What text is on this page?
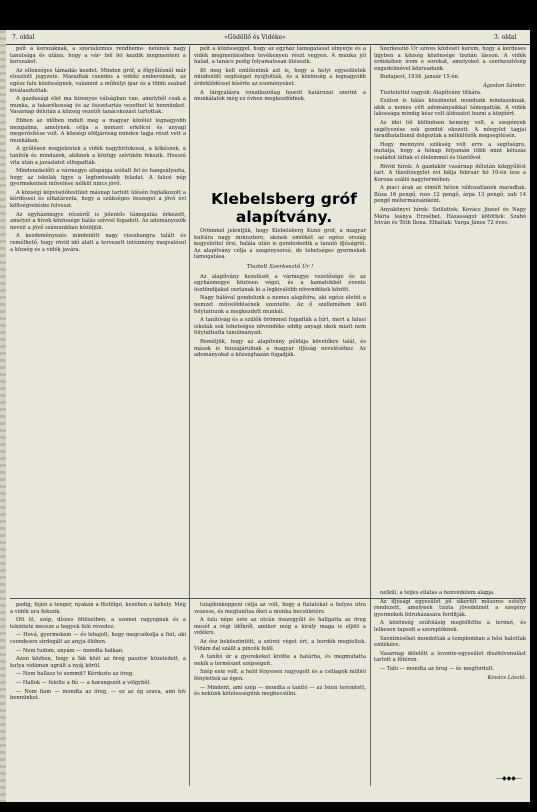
7. oldal	»Gödöllő és Vidéke«	3. oldal

pelt a korszaknak, a szocializmus rendbeme- netének nagy tanulsága és utána, hogy a vár- ból fel kezdik megmenteni a korszakot.

Az ellenséges támadás kezdet. Minden gróf, a főgyűlésnél már eloszlott jegyzete. Maradtak csendes a vidéki embereknek, az egész falu közösségnek, valamint a műhelyi ipar és a többi szabad kiválasztottak.

A gazdasági élet ma bizonyos válságban van, amelyből csak a munka, a takarékosság és az összetartás vezethet ki bennünket. Vasárnap délután a község vezetői tanácskozást tartottak.

Ebben az időben indult meg a magyar közélet legnagyobb mozgalma, amelynek célja a nemzet erkölcsi és anyagi megerősítése volt. A községi elöljáróság minden tagja részt vett a munkában.

A gyűlésen megjelentek a vidék nagybirtokosai, a lelkészek, a tanítók és mindazok, akiknek a közügy szívükön fekszik. Hosszú vita után a javaslatot elfogadták.

Mindenekelőtt a vármegye alispánja szólalt fel és hangsúlyozta, hogy az iskolák ügye a legfontosabb feladat. A falusi nép gyermekeinek művelése nélkül nincs jövő.

A községi képviselőtestület másnap tartott ülésén foglalkozott a kérdéssel és elhatározta, hogy a szükséges összeget a jövő évi költségvetésbe felveszi.

Az egyházmegye részéről is jelentős támogatás érkezett, amelyet a hívek közössége hálás szívvel fogadott. Az adományozók neveit a jövő számunkban közöljük.

A kezdeményezés mindenütt nagy visszhangra talált és remélhető, hogy rövid idő alatt a tervezett intézmény megvalósul a község és a vidék javára.

pelt a közösséggel, hogy az egyház támogatását elnyerje és a vidék megmentésében tevékenyen részt vegyen. A munka jól halad, a tanács pedig folyamatosan ülésezik.

Itt meg kell említenünk azt is, hogy a helyi egyesületek mindenütt segítséget nyújtottak, és a közönség a legnagyobb érdeklődéssel kísérte az eseményeket.

A tárgyalásra vonatkozólag hozott határozat szerint a munkálatok még ez évben megkezdődnek.

Klebelsberg gróf alapítvány.

Örömmel jelentjük, hogy Klebelsberg Kunó gróf, a magyar kultúra nagy minisztere, akinek emlékét az egész ország kegyelettel őrzi, halála után is gondoskodik a tanuló ifjúságról. Az alapítvány célja a szegénysorsú, de tehetséges gyermekek támogatása.

Tisztelt Szerkesztő Úr !

Az alapítvány kezelését a vármegye vezetősége és az egyházmegye közösen végzi, és a kamatokból évente ösztöndíjakat osztanak ki a legkiválóbb növendékek között.

Nagy hálával gondolunk a nemes alapítóra, aki egész életét a nemzet művelődésének szentelte. Az ő szellemében kell folytatnunk a megkezdett munkát.

A tanítóság és a szülők örömmel fogadták a hírt, mert a falusi iskolák sok tehetséges növendéke eddig anyagi okok miatt nem folytathatta tanulmányait.

Reméljük, hogy az alapítvány példája követőkre talál, és mások is hozzájárulnak a magyar ifjúság neveléséhez. Az adományokat a községházán fogadják.

Szerkesztő Úr szíves közlését kérem, hogy a kérdéses ügyben a község közönsége tisztán lásson. A vidék érdekében írom e sorokat, amelyeket a szerkesztőség engedelmével közreadunk.

Budapest, 1934. január 15-én.

Ágoston Sándor.

Tisztelettel vagyok: Alapítvány titkára.

Ezúton is hálás köszönetet mondunk mindazoknak, akik a nemes célt adományaikkal támogatták. A vidék lakossága mindig kész volt áldozatot hozni a közjóért.

Az idei tél különösen kemény volt, a szegények segélyezése sok gondot okozott. A nőegylet tagjai fáradhatatlanul dolgoztak a nélkülözők megsegítésén.

Hogy mennyire szükség volt erre a segítségre, mutatja, hogy a hónap folyamán több mint kétszáz családot láttak el élelemmel és tüzelővel.

Rövid hírek: A gazdakör vasárnap délután közgyűlést tart. A tűzoltóegylet évi bálja február hó 10-én lesz a Korona szálló nagytermében.

A piaci árak az elmúlt héten változatlanok maradtak. Búza 16 pengő, rozs 12 pengő, árpa 13 pengő, zab 14 pengő métermázsánként.

Anyakönyvi hírek: Születtek: Kovács József és Nagy Mária leánya Erzsébet. Házasságot kötöttek: Szabó István és Tóth Ilona. Elhaltak: Varga János 72 éves.

pedig, fején a tenger, nyakán a füstölgő, kezében a kehely. Még a vidék ura fekszik.

Ott ül, szép, díszes öltözetben, a szemei ragyognak és a tekintete messze a hegyek felé révedez.

— Hová, gyermekem — és lehajolt, hogy megcsókolja a fiút, aki csendesen sírdogált az anyja ölében.

— Nem tudom, anyám — mondta halkan.

Azon közben, hogy a fák közt az öreg pásztor közeledett, a kutya vidáman ugrált a nyáj körül.

— Nem hallasz te semmit? Kérdezte az öreg.

— Hallok — felelte a fiú — a harangszót a völgyből.

— Nem fiam — mondta az öreg, — ez az ég szava, ami hív bennünket.

tulajdonképpeni célja az volt, hogy a fiatalokat a helyes útra vezesse, és megtanítsa őket a munka becsületére.

A falu népe este az utcán összegyűlt és hallgatta az öreg mesét a régi időkről, amikor még a király maga is eljött a vidékre.

Az ősz beköszöntött, a szüret véget ért, a hordók megteltek. Vidám dal szállt a pincék felől.

A tanító úr a gyerekeket kivitte a határba, és megmutatta nekik a természet szépségeit.

Szép este volt, a hold fényesen ragyogott és a csillagok milliói fénylettek az égen.

— Mindent, ami szép — mondta a tanító — az Isten teremtett, és nekünk kötelességünk megbecsülni.

nélkül, a teljes ellátás a honvédelem alapja.

Az ifjúsági egyesület jól sikerült műsoros estélyt rendezett, amelynek tiszta jövedelmét a szegény gyermekek felruházására fordítják.

A közönség zsúfolásig megtöltötte a termet, és lelkesen tapsolt a szereplőknek.

Szentmiséket mondottak a templomban a hősi halottak emlékére.

Vasárnap délelőtt a levente-egyesület díszfelvonulást tartott a főtéren.

— Tahi — mondta az öreg — és megfordult.

Kovács László.
—◆◆◆—
